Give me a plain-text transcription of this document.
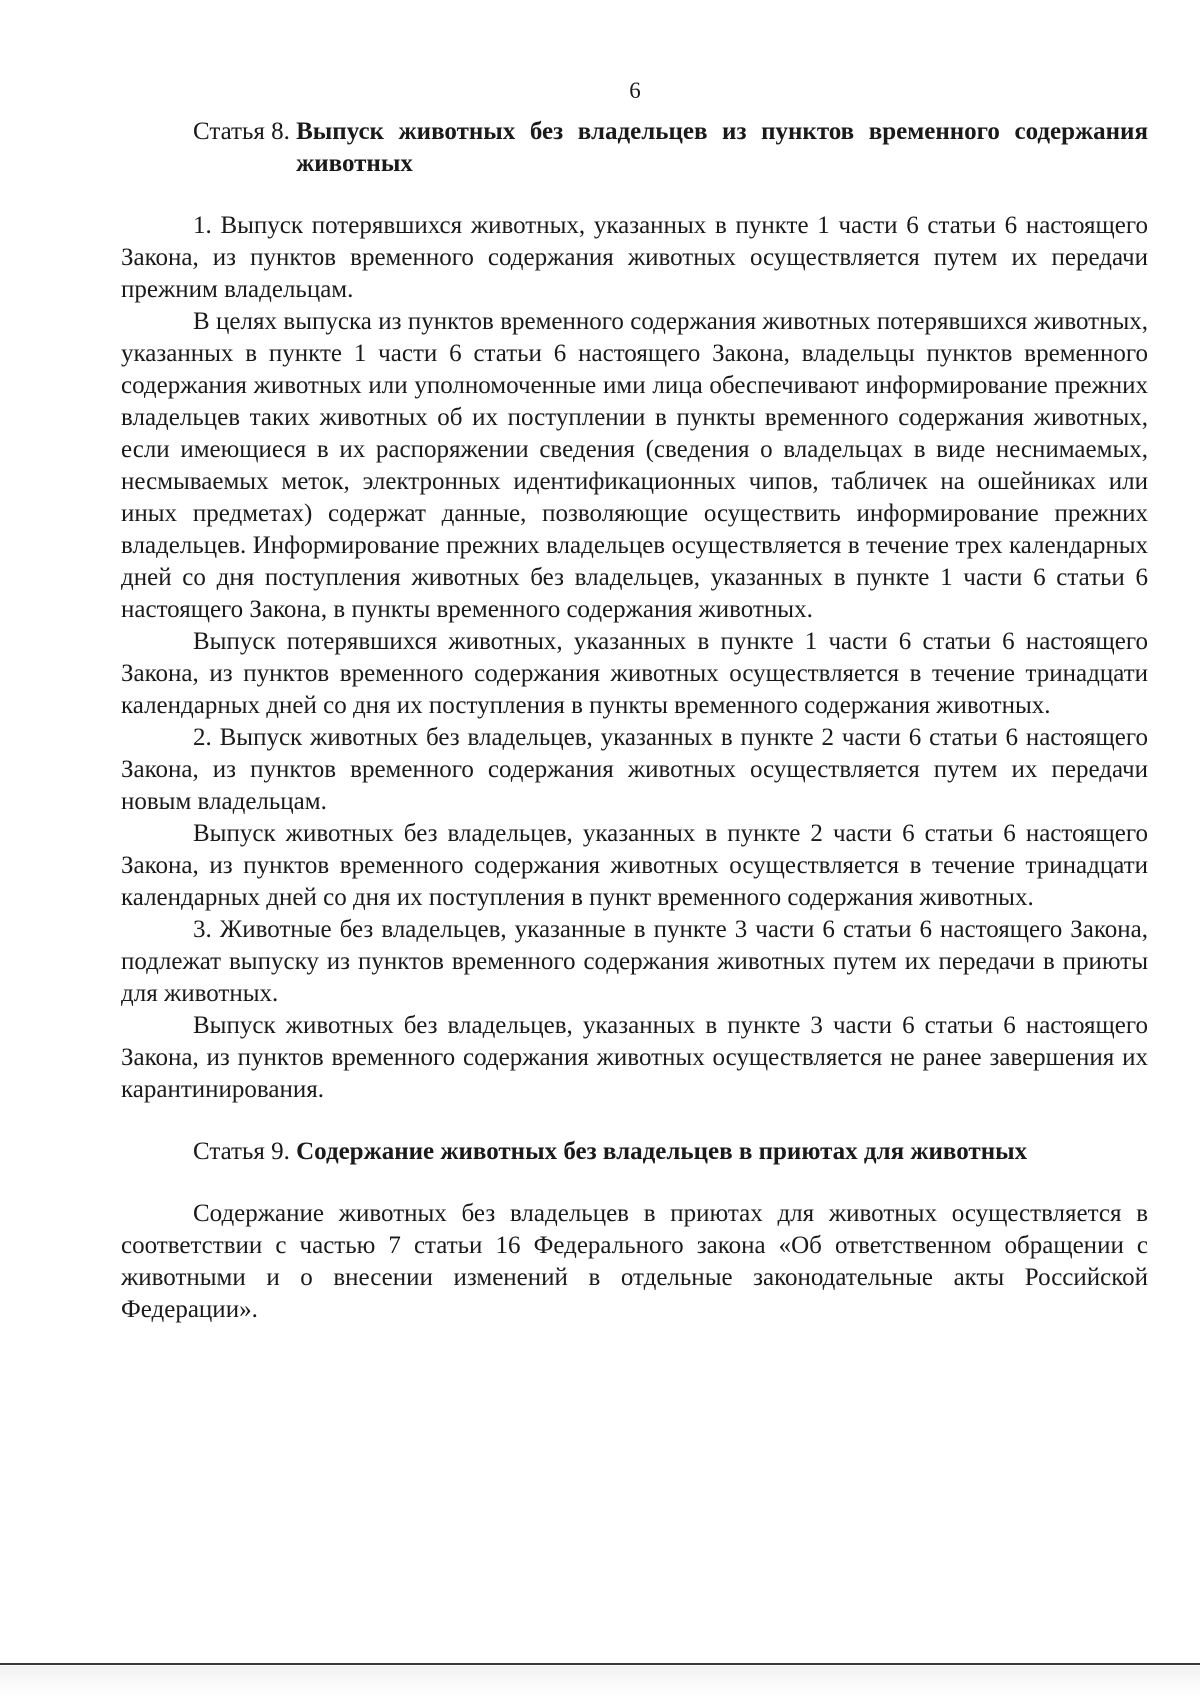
6
Статья 8. Выпуск животных без владельцев из пунктов временного содержания животных

1. Выпуск потерявшихся животных, указанных в пункте 1 части 6 статьи 6 настоящего Закона, из пунктов временного содержания животных осуществляется путем их передачи прежним владельцам.

В целях выпуска из пунктов временного содержания животных потерявшихся животных, указанных в пункте 1 части 6 статьи 6 настоящего Закона, владельцы пунктов временного содержания животных или уполномоченные ими лица обеспечивают информирование прежних владельцев таких животных об их поступлении в пункты временного содержания животных, если имеющиеся в их распоряжении сведения (сведения о владельцах в виде неснимаемых, несмываемых меток, электронных идентификационных чипов, табличек на ошейниках или иных предметах) содержат данные, позволяющие осуществить информирование прежних владельцев. Информирование прежних владельцев осуществляется в течение трех календарных дней со дня поступления животных без владельцев, указанных в пункте 1 части 6 статьи 6 настоящего Закона, в пункты временного содержания животных.

Выпуск потерявшихся животных, указанных в пункте 1 части 6 статьи 6 настоящего Закона, из пунктов временного содержания животных осуществляется в течение тринадцати календарных дней со дня их поступления в пункты временного содержания животных.

2. Выпуск животных без владельцев, указанных в пункте 2 части 6 статьи 6 настоящего Закона, из пунктов временного содержания животных осуществляется путем их передачи новым владельцам.

Выпуск животных без владельцев, указанных в пункте 2 части 6 статьи 6 настоящего Закона, из пунктов временного содержания животных осуществляется в течение тринадцати календарных дней со дня их поступления в пункт временного содержания животных.

3. Животные без владельцев, указанные в пункте 3 части 6 статьи 6 настоящего Закона, подлежат выпуску из пунктов временного содержания животных путем их передачи в приюты для животных.

Выпуск животных без владельцев, указанных в пункте 3 части 6 статьи 6 настоящего Закона, из пунктов временного содержания животных осуществляется не ранее завершения их карантинирования.

Статья 9. Содержание животных без владельцев в приютах для животных

Содержание животных без владельцев в приютах для животных осуществляется в соответствии с частью 7 статьи 16 Федерального закона «Об ответственном обращении с животными и о внесении изменений в отдельные законодательные акты Российской Федерации».
